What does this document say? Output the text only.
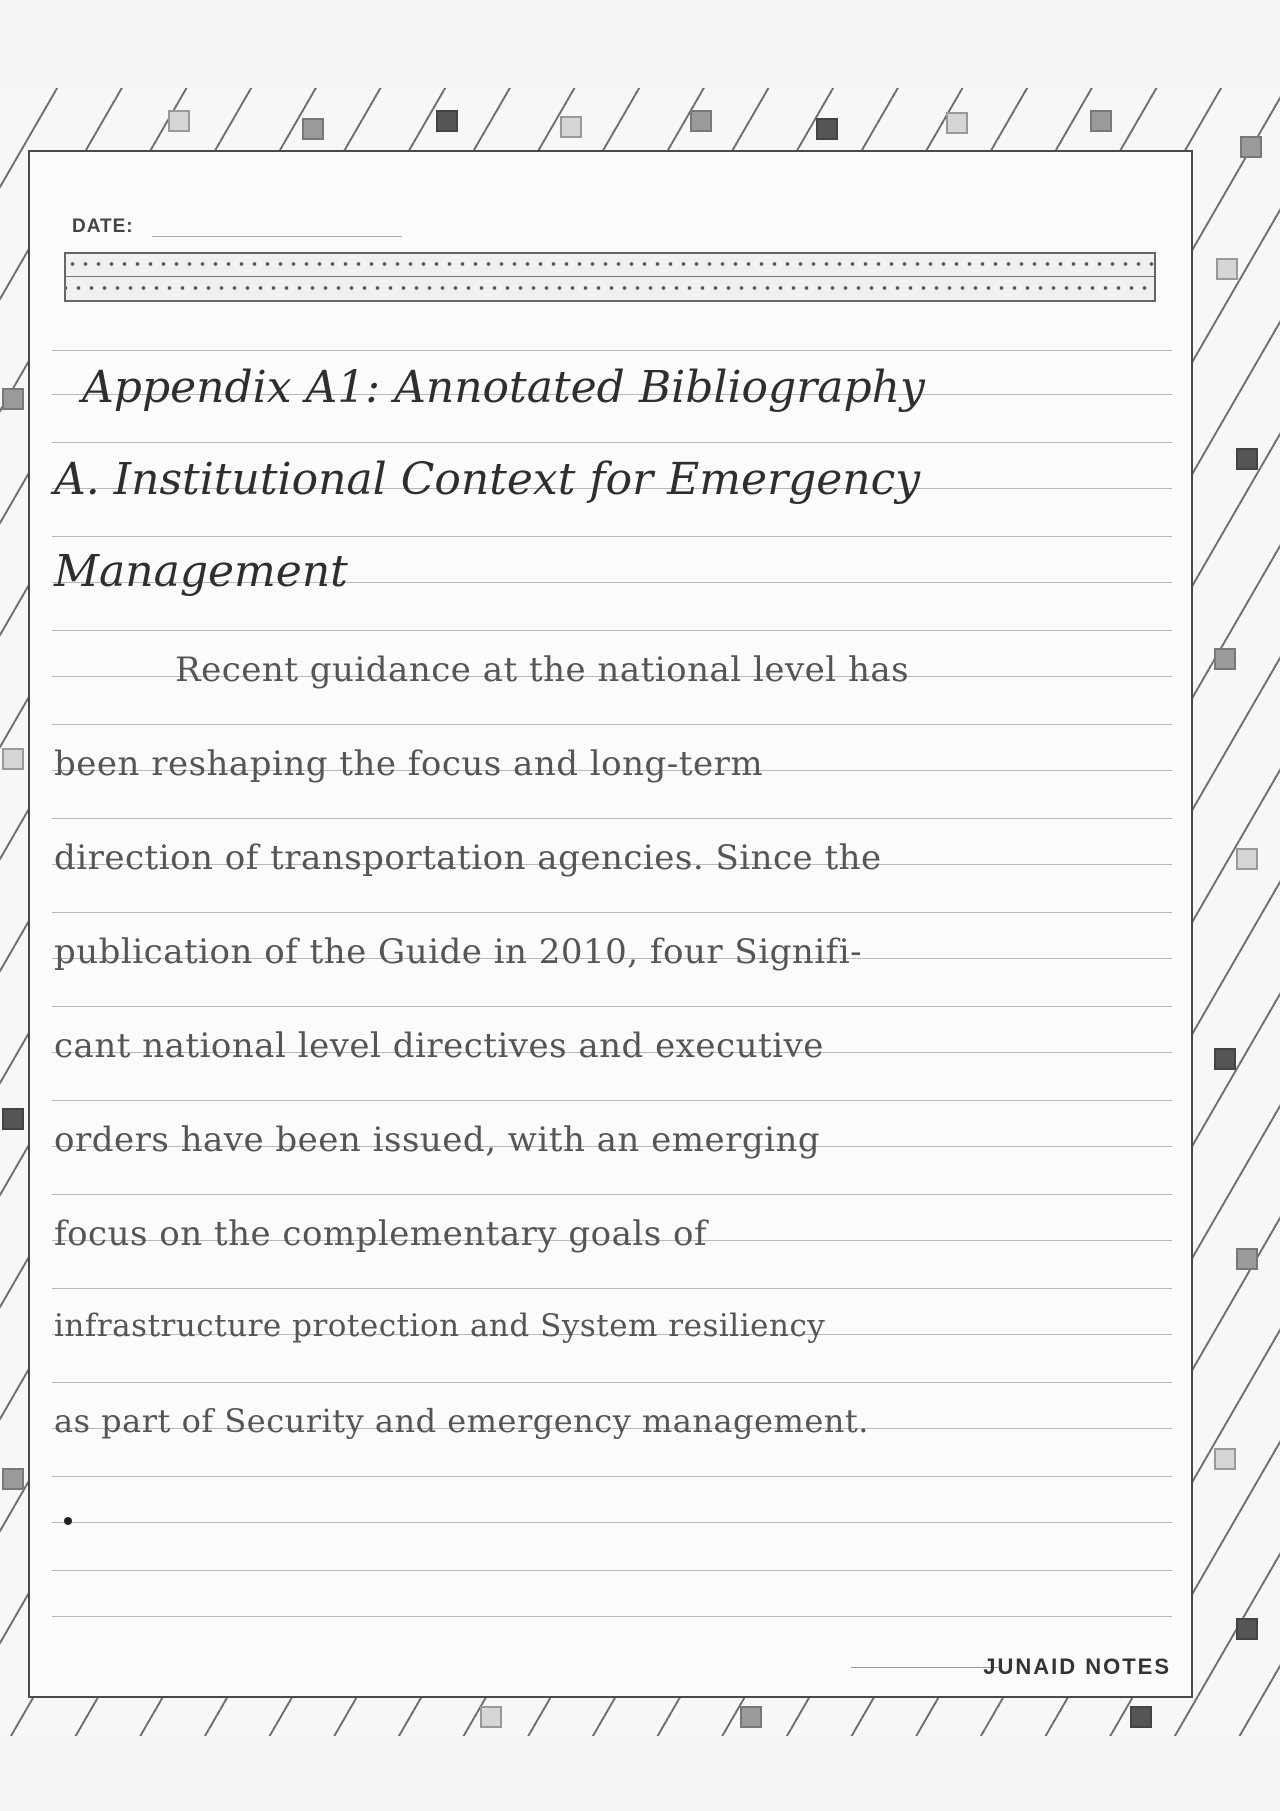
DATE:
Appendix A1: Annotated Bibliography
A. Institutional Context for Emergency
Management
Recent guidance at the national level has
been reshaping the focus and long-term
direction of transportation agencies. Since the
publication of the Guide in 2010, four Signifi-
cant national level directives and executive
orders have been issued, with an emerging
focus on the complementary goals of
infrastructure protection and System resiliency
as part of Security and emergency management.
JUNAID NOTES
